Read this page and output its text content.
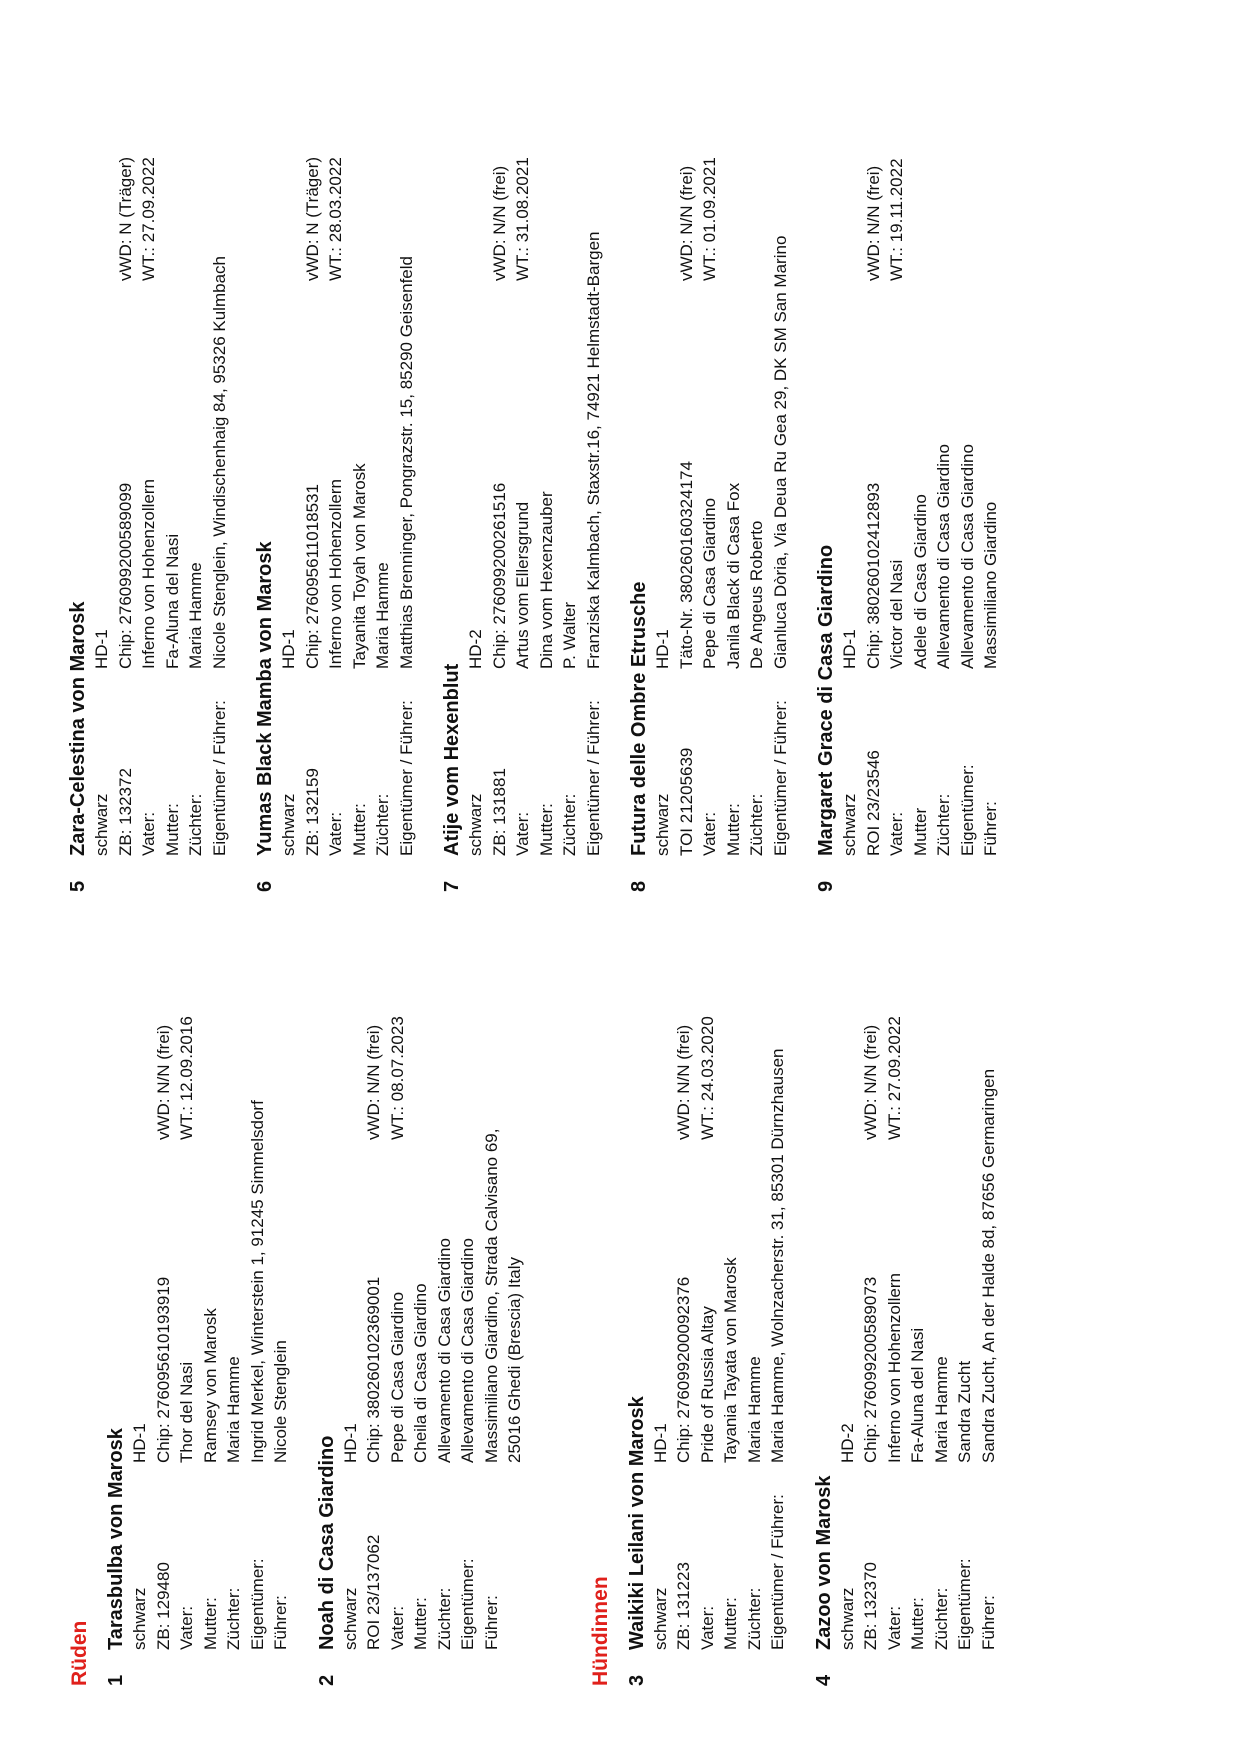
Rüden 1
Tarasbulba von Marosk schwarz
HD-1
ZB: 129480
Chip: 276095610193919
vWD: N/N (frei)
Vater:
Thor del Nasi
WT.: 12.09.2016
Mutter:
Ramsey von Marosk
Züchter:
Maria Hamme
Eigentümer:
Ingrid Merkel, Winterstein 1, 91245 Simmelsdorf
Führer:
Nicole Stenglein
2
Noah di Casa Giardino schwarz
HD-1
ROI 23/137062
Chip: 380260102369001
vWD: N/N (frei)
Vater:
Pepe di Casa Giardino
WT.: 08.07.2023
Mutter:
Cheila di Casa Giardino
Züchter:
Allevamento di Casa Giardino
Eigentümer:
Allevamento di Casa Giardino
Führer:
Massimiliano Giardino, Strada Calvisano 69,
25016 Ghedi (Brescia) Italy
Hündinnen 3
Waikiki Leilani von Marosk schwarz
HD-1
ZB: 131223
Chip: 276099200092376
vWD: N/N (frei)
Vater:
Pride of Russia Altay
WT.: 24.03.2020
Mutter:
Tayania Tayata von Marosk
Züchter:
Maria Hamme
Eigentümer / Führer:
Maria Hamme, Wolnzacherstr. 31, 85301 Dürnzhausen
4
Zazoo von Marosk schwarz
HD-2
ZB: 132370
Chip: 276099200589073
vWD: N/N (frei)
Vater:
Inferno von Hohenzollern
WT.: 27.09.2022
Mutter:
Fa-Aluna del Nasi
Züchter:
Maria Hamme
Eigentümer:
Sandra Zucht
Führer:
Sandra Zucht, An der Halde 8d, 87656 Germaringen
5
Zara-Celestina von Marosk schwarz
HD-1
ZB: 132372
Chip: 276099200589099
vWD: N (Träger)
Vater:
Inferno von Hohenzollern
WT.: 27.09.2022
Mutter:
Fa-Aluna del Nasi
Züchter:
Maria Hamme
Eigentümer / Führer:
Nicole Stenglein, Windischenhaig 84, 95326 Kulmbach
6
Yumas Black Mamba von Marosk schwarz
HD-1
ZB: 132159
Chip: 276095611018531
vWD: N (Träger)
Vater:
Inferno von Hohenzollern
WT.: 28.03.2022
Mutter:
Tayanita Toyah von Marosk
Züchter:
Maria Hamme
Eigentümer / Führer:
Matthias Brenninger, Pongrazstr. 15, 85290 Geisenfeld
7
Atije vom Hexenblut schwarz
HD-2
ZB: 131881
Chip: 276099200261516
vWD: N/N (frei)
Vater:
Artus vom Ellersgrund
WT.: 31.08.2021
Mutter:
Dina vom Hexenzauber
Züchter:
P. Walter
Eigentümer / Führer:
Franziska Kalmbach, Staxstr.16, 74921 Helmstadt-Bargen
8
Futura delle Ombre Etrusche schwarz
HD-1
TOI 21205639
Täto-Nr. 380260160324174
vWD: N/N (frei)
Vater:
Pepe di Casa Giardino
WT.: 01.09.2021
Mutter:
Janila Black di Casa Fox
Züchter:
De Angeus Roberto
Eigentümer / Führer:
Gianluca Dòria, Via Deua Ru Gea 29, DK SM San Marino
9
Margaret Grace di Casa Giardino schwarz
HD-1
ROI 23/23546
Chip: 380260102412893
vWD: N/N (frei)
Vater:
Victor del Nasi
WT.: 19.11.2022
Mutter
Adele di Casa Giardino
Züchter:
Allevamento di Casa Giardino
Eigentümer:
Allevamento di Casa Giardino
Führer:
Massimiliano Giardino
